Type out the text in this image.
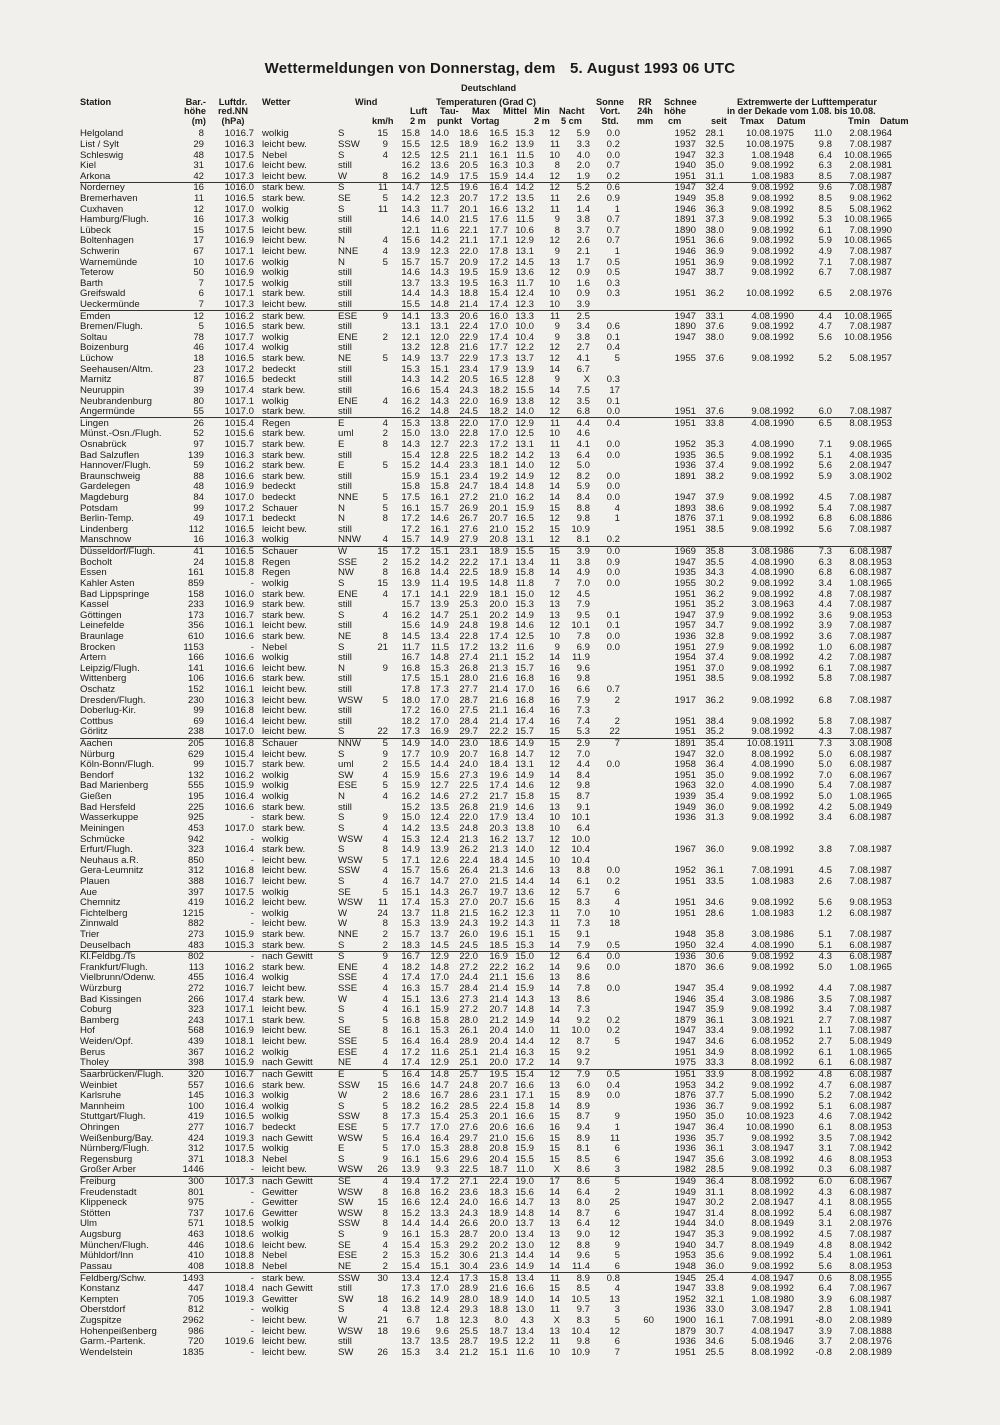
Wettermeldungen von Donnerstag, dem 5. August 1993 06 UTC
Deutschland
Station	Bar.-
höhe
(m)
Luftdr.
red.NN
(hPa)
Wetter	Wind
km/h
Temperaturen (Grad C)
Luft
2 m
Tau-
punkt
Max
Vortag
Mittel Min
2 m
Nacht
5 cm
Sonne
Vort.
Std.
RR
24h
mm
Schnee
höhe
cm
Extremwerte der Lufttemperatur
in der Dekade vom 1.08. bis 10.08.
seit Tmax Datum	Tmin Datum
Helgoland	8	1016.7	wolkig	S	15	15.8	14.0	18.6	16.5	15.3	12	5.9	0.0		1952	28.1	10.08.1975	11.0	2.08.1964
List / Sylt	29	1016.3	leicht bew.	SSW	9	15.5	12.5	18.9	16.2	13.9	11	3.3	0.2		1937	32.5	10.08.1975	9.8	7.08.1987
Schleswig	48	1017.5	Nebel	S	4	12.5	12.5	21.1	16.1	11.5	10	4.0	0.0		1947	32.3	1.08.1948	6.4	10.08.1965
Kiel	31	1017.6	leicht bew.	still		16.2	13.6	20.5	16.3	10.3	8	2.0	0.7		1940	35.0	9.08.1992	6.3	2.08.1981
Arkona	42	1017.3	leicht bew.	W	8	16.2	14.9	17.5	15.9	14.4	12	1.9	0.2		1951	31.1	1.08.1983	8.5	7.08.1987
Norderney	16	1016.0	stark bew.	S	11	14.7	12.5	19.6	16.4	14.2	12	5.2	0.6		1947	32.4	9.08.1992	9.6	7.08.1987
Bremerhaven	11	1016.5	stark bew.	SE	5	14.2	12.3	20.7	17.2	13.5	11	2.6	0.9		1949	35.8	9.08.1992	8.5	9.08.1962
Cuxhaven	12	1017.0	wolkig	S	11	14.3	11.7	20.1	16.6	13.2	11	1.4	1		1946	36.3	9.08.1992	8.5	5.08.1962
Hamburg/Flugh.	16	1017.3	wolkig	still		14.6	14.0	21.5	17.6	11.5	9	3.8	0.7		1891	37.3	9.08.1992	5.3	10.08.1965
Lübeck	15	1017.5	leicht bew.	still		12.1	11.6	22.1	17.7	10.6	8	3.7	0.7		1890	38.0	9.08.1992	6.1	7.08.1990
Boltenhagen	17	1016.9	leicht bew.	N	4	15.6	14.2	21.1	17.1	12.9	12	2.6	0.7		1951	36.6	9.08.1992	5.9	10.08.1965
Schwerin	67	1017.1	leicht bew.	NNE	4	13.9	12.3	22.0	17.8	13.1	9	2.1	1		1946	36.9	9.08.1992	4.9	7.08.1987
Warnemünde	10	1017.6	wolkig	N	5	15.7	15.7	20.9	17.2	14.5	13	1.7	0.5		1951	36.9	9.08.1992	7.1	7.08.1987
Teterow	50	1016.9	wolkig	still		14.6	14.3	19.5	15.9	13.6	12	0.9	0.5		1947	38.7	9.08.1992	6.7	7.08.1987
Barth	7	1017.5	wolkig	still		13.7	13.3	19.5	16.3	11.7	10	1.6	0.3						
Greifswald	6	1017.1	stark bew.	still		14.4	14.3	18.8	15.4	12.4	10	0.9	0.3		1951	36.2	10.08.1992	6.5	2.08.1976
Ueckermünde	7	1017.3	leicht bew.	still		15.5	14.8	21.4	17.4	12.3	10	3.9							
Emden	12	1016.2	stark bew.	ESE	9	14.1	13.3	20.6	16.0	13.3	11	2.5			1947	33.1	4.08.1990	4.4	10.08.1965
Bremen/Flugh.	5	1016.5	stark bew.	still		13.1	13.1	22.4	17.0	10.0	9	3.4	0.6		1890	37.6	9.08.1992	4.7	7.08.1987
Soltau	78	1017.7	wolkig	ENE	2	12.1	12.0	22.9	17.4	10.4	9	3.8	0.1		1947	38.0	9.08.1992	5.6	10.08.1956
Boizenburg	46	1017.4	wolkig	still		13.2	12.8	21.6	17.7	12.2	12	2.7	0.4						
Lüchow	18	1016.5	stark bew.	NE	5	14.9	13.7	22.9	17.3	13.7	12	4.1	5		1955	37.6	9.08.1992	5.2	5.08.1957
Seehausen/Altm.	23	1017.2	bedeckt	still		15.3	15.1	23.4	17.9	13.9	14	6.7							
Marnitz	87	1016.5	bedeckt	still		14.3	14.2	20.5	16.5	12.8	9	X	0.3						
Neuruppin	39	1017.4	stark bew.	still		16.6	15.4	24.3	18.2	15.5	14	7.5	17						
Neubrandenburg	80	1017.1	wolkig	ENE	4	16.2	14.3	22.0	16.9	13.8	12	3.5	0.1						
Angermünde	55	1017.0	stark bew.	still		16.2	14.8	24.5	18.2	14.0	12	6.8	0.0		1951	37.6	9.08.1992	6.0	7.08.1987
Lingen	26	1015.4	Regen	E	4	15.3	13.8	22.0	17.0	12.9	11	4.4	0.4		1951	33.8	4.08.1990	6.5	8.08.1953
Münst.-Osn./Flugh.	52	1015.6	stark bew.	uml	2	15.0	13.0	22.8	17.0	12.5	10	4.6							
Osnabrück	97	1015.7	stark bew.	E	8	14.3	12.7	22.3	17.2	13.1	11	4.1	0.0		1952	35.3	4.08.1990	7.1	9.08.1965
Bad Salzuflen	139	1016.3	stark bew.	still		15.4	12.8	22.5	18.2	14.2	13	6.4	0.0		1935	36.5	9.08.1992	5.1	4.08.1935
Hannover/Flugh.	59	1016.2	stark bew.	E	5	15.2	14.4	23.3	18.1	14.0	12	5.0			1936	37.4	9.08.1992	5.6	2.08.1947
Braunschweig	88	1016.6	stark bew.	still		15.9	15.1	23.4	19.2	14.9	12	8.2	0.0		1891	38.2	9.08.1992	5.9	3.08.1902
Gardelegen	48	1016.9	bedeckt	still		15.8	15.8	24.7	18.4	14.8	14	5.9	0.0						
Magdeburg	84	1017.0	bedeckt	NNE	5	17.5	16.1	27.2	21.0	16.2	14	8.4	0.0		1947	37.9	9.08.1992	4.5	7.08.1987
Potsdam	99	1017.2	Schauer	N	5	16.1	15.7	26.9	20.1	15.9	15	8.8	4		1893	38.6	9.08.1992	5.4	7.08.1987
Berlin-Temp.	49	1017.1	bedeckt	N	8	17.2	14.6	26.7	20.7	16.5	12	9.8	1		1876	37.1	9.08.1992	6.8	6.08.1886
Lindenberg	112	1016.5	leicht bew.	still		17.2	16.1	27.6	21.0	15.2	15	10.9			1951	38.5	9.08.1992	5.6	7.08.1987
Manschnow	16	1016.3	wolkig	NNW	4	15.7	14.9	27.9	20.8	13.1	12	8.1	0.2						
Düsseldorf/Flugh.	41	1016.5	Schauer	W	15	17.2	15.1	23.1	18.9	15.5	15	3.9	0.0		1969	35.8	3.08.1986	7.3	6.08.1987
Bocholt	24	1015.8	Regen	SSE	2	15.2	14.2	22.2	17.1	13.4	11	3.8	0.9		1947	35.5	4.08.1990	6.3	8.08.1953
Essen	161	1015.8	Regen	NW	8	16.8	14.4	22.5	18.9	15.8	14	4.9	0.0		1935	34.3	4.08.1990	6.8	6.08.1987
Kahler Asten	859	-	wolkig	S	15	13.9	11.4	19.5	14.8	11.8	7	7.0	0.0		1955	30.2	9.08.1992	3.4	1.08.1965
Bad Lippspringe	158	1016.0	stark bew.	ENE	4	17.1	14.1	22.9	18.1	15.0	12	4.5			1951	36.2	9.08.1992	4.8	7.08.1987
Kassel	233	1016.9	stark bew.	still		15.7	13.9	25.3	20.0	15.3	13	7.9			1951	35.2	3.08.1963	4.4	7.08.1987
Göttingen	173	1016.7	stark bew.	S	4	16.2	14.7	25.1	20.2	14.9	13	9.5	0.1		1947	37.9	9.08.1992	3.6	9.08.1953
Leinefelde	356	1016.1	leicht bew.	still		15.6	14.9	24.8	19.8	14.6	12	10.1	0.1		1957	34.7	9.08.1992	3.9	7.08.1987
Braunlage	610	1016.6	stark bew.	NE	8	14.5	13.4	22.8	17.4	12.5	10	7.8	0.0		1936	32.8	9.08.1992	3.6	7.08.1987
Brocken	1153	-	Nebel	S	21	11.7	11.5	17.2	13.2	11.6	9	6.9	0.0		1951	27.9	9.08.1992	1.0	6.08.1987
Artern	166	1016.6	wolkig	still		16.7	14.8	27.4	21.1	15.2	14	11.9			1954	37.4	9.08.1992	4.2	7.08.1987
Leipzig/Flugh.	141	1016.6	leicht bew.	N	9	16.8	15.3	26.8	21.3	15.7	16	9.6			1951	37.0	9.08.1992	6.1	7.08.1987
Wittenberg	106	1016.6	stark bew.	still		17.5	15.1	28.0	21.6	16.8	16	9.8			1951	38.5	9.08.1992	5.8	7.08.1987
Oschatz	152	1016.1	leicht bew.	still		17.8	17.3	27.7	21.4	17.0	16	6.6	0.7						
Dresden/Flugh.	230	1016.3	leicht bew.	WSW	5	18.0	17.0	28.7	21.6	16.8	16	7.9	2		1917	36.2	9.08.1992	6.8	7.08.1987
Doberlug-Kir.	99	1016.8	leicht bew.	still		17.2	16.0	27.5	21.1	16.4	16	7.3							
Cottbus	69	1016.4	leicht bew.	still		18.2	17.0	28.4	21.4	17.4	16	7.4	2		1951	38.4	9.08.1992	5.8	7.08.1987
Görlitz	238	1017.0	leicht bew.	S	22	17.3	16.9	29.7	22.2	15.7	15	5.3	22		1951	35.2	9.08.1992	4.3	7.08.1987
Aachen	205	1016.8	Schauer	NNW	5	14.9	14.0	23.0	18.6	14.9	15	2.9	7		1891	35.4	10.08.1911	7.3	3.08.1908
Nürburg	629	1015.4	leicht bew.	S	9	17.7	10.9	20.7	16.8	14.7	12	7.0			1947	32.0	8.08.1992	5.0	6.08.1987
Köln-Bonn/Flugh.	99	1015.7	stark bew.	uml	2	15.5	14.4	24.0	18.4	13.1	12	4.4	0.0		1958	36.4	4.08.1990	5.0	6.08.1987
Bendorf	132	1016.2	wolkig	SW	4	15.9	15.6	27.3	19.6	14.9	14	8.4			1951	35.0	9.08.1992	7.0	6.08.1967
Bad Marienberg	555	1015.9	wolkig	ESE	5	15.9	12.7	22.5	17.4	14.6	12	9.8			1963	32.0	4.08.1990	5.4	7.08.1987
Gießen	195	1016.4	wolkig	N	4	16.2	14.6	27.2	21.7	15.8	15	8.7			1939	35.4	9.08.1992	5.0	1.08.1965
Bad Hersfeld	225	1016.6	stark bew.	still		15.2	13.5	26.8	21.9	14.6	13	9.1			1949	36.0	9.08.1992	4.2	5.08.1949
Wasserkuppe	925	-	stark bew.	S	9	15.0	12.4	22.0	17.9	13.4	10	10.1			1936	31.3	9.08.1992	3.4	6.08.1987
Meiningen	453	1017.0	stark bew.	S	4	14.2	13.5	24.8	20.3	13.8	10	6.4							
Schmücke	942	-	wolkig	WSW	4	15.3	12.4	21.3	16.2	13.7	12	10.0							
Erfurt/Flugh.	323	1016.4	stark bew.	S	8	14.9	13.9	26.2	21.3	14.0	12	10.4			1967	36.0	9.08.1992	3.8	7.08.1987
Neuhaus a.R.	850	-	leicht bew.	WSW	5	17.1	12.6	22.4	18.4	14.5	10	10.4							
Gera-Leumnitz	312	1016.8	leicht bew.	SSW	4	15.7	15.6	26.4	21.3	14.6	13	8.8	0.0		1952	36.1	7.08.1991	4.5	7.08.1987
Plauen	388	1016.7	leicht bew.	S	4	16.7	14.7	27.0	21.5	14.4	14	6.1	0.2		1951	33.5	1.08.1983	2.6	7.08.1987
Aue	397	1017.5	wolkig	SE	5	15.1	14.3	26.7	19.7	13.6	12	5.7	6						
Chemnitz	419	1016.2	leicht bew.	WSW	11	17.4	15.3	27.0	20.7	15.6	15	8.3	4		1951	34.6	9.08.1992	5.6	9.08.1953
Fichtelberg	1215	-	wolkig	W	24	13.7	11.8	21.5	16.2	12.3	11	7.0	10		1951	28.6	1.08.1983	1.2	6.08.1987
Zinnwald	882	-	leicht bew.	W	8	15.3	13.9	24.3	19.2	14.3	11	7.3	18						
Trier	273	1015.9	stark bew.	NNE	2	15.7	13.7	26.0	19.6	15.1	15	9.1			1948	35.8	3.08.1986	5.1	7.08.1987
Deuselbach	483	1015.3	stark bew.	S	2	18.3	14.5	24.5	18.5	15.3	14	7.9	0.5		1950	32.4	4.08.1990	5.1	6.08.1987
Kl.Feldbg./Ts	802	-	nach Gewitt	S	9	16.7	12.9	22.0	16.9	15.0	12	6.4	0.0		1936	30.6	9.08.1992	4.3	6.08.1987
Frankfurt/Flugh.	113	1016.2	stark bew.	ENE	4	18.2	14.8	27.2	22.2	16.2	14	9.6	0.0		1870	36.6	9.08.1992	5.0	1.08.1965
Vielbrunn/Odenw.	455	1016.4	wolkig	SSE	4	17.4	17.0	24.4	21.1	15.6	13	8.6							
Würzburg	272	1016.7	leicht bew.	SSE	4	16.3	15.7	28.4	21.4	15.9	14	7.8	0.0		1947	35.4	9.08.1992	4.4	7.08.1987
Bad Kissingen	266	1017.4	stark bew.	W	4	15.1	13.6	27.3	21.4	14.3	13	8.6			1946	35.4	3.08.1986	3.5	7.08.1987
Coburg	323	1017.1	leicht bew.	S	4	16.1	15.9	27.2	20.7	14.8	14	7.3			1947	35.9	9.08.1992	3.4	7.08.1987
Bamberg	243	1017.1	stark bew.	S	5	16.8	15.8	28.0	21.2	14.9	14	9.2	0.2		1879	36.1	3.08.1921	2.7	7.08.1987
Hof	568	1016.9	leicht bew.	SE	8	16.1	15.3	26.1	20.4	14.0	11	10.0	0.2		1947	33.4	9.08.1992	1.1	7.08.1987
Weiden/Opf.	439	1018.1	leicht bew.	SSE	5	16.4	16.4	28.9	20.4	14.4	12	8.7	5		1947	34.6	6.08.1952	2.7	5.08.1949
Berus	367	1016.2	wolkig	ESE	4	17.2	11.6	25.1	21.4	16.3	15	9.2			1951	34.9	8.08.1992	6.1	1.08.1965
Tholey	398	1015.9	nach Gewitt	NE	4	17.4	12.9	25.1	20.0	17.2	14	9.7			1975	33.3	8.08.1992	6.1	6.08.1987
Saarbrücken/Flugh.	320	1016.7	nach Gewitt	E	5	16.4	14.8	25.7	19.5	15.4	12	7.9	0.5		1951	33.9	8.08.1992	4.8	6.08.1987
Weinbiet	557	1016.6	stark bew.	SSW	15	16.6	14.7	24.8	20.7	16.6	13	6.0	0.4		1953	34.2	9.08.1992	4.7	6.08.1987
Karlsruhe	145	1016.3	wolkig	W	2	18.6	16.7	28.6	23.1	17.1	15	8.9	0.0		1876	37.7	5.08.1990	5.2	7.08.1942
Mannheim	100	1016.4	wolkig	S	5	18.2	16.2	28.5	22.4	15.8	14	8.9			1936	36.7	9.08.1992	5.1	6.08.1987
Stuttgart/Flugh.	419	1016.5	wolkig	SSW	8	17.3	15.4	25.3	20.1	16.6	15	8.7	9		1950	35.0	10.08.1923	4.6	7.08.1942
Öhringen	277	1016.7	bedeckt	ESE	5	17.7	17.0	27.6	20.6	16.6	16	9.4	1		1947	36.4	10.08.1990	6.1	8.08.1953
Weißenburg/Bay.	424	1019.3	nach Gewitt	WSW	5	16.4	16.4	29.7	21.0	15.6	15	8.9	11		1936	35.7	9.08.1992	3.5	7.08.1942
Nürnberg/Flugh.	312	1017.5	wolkig	E	5	17.0	15.3	28.8	20.8	15.9	15	8.1	6		1936	36.1	3.08.1947	3.1	7.08.1942
Regensburg	371	1018.3	Nebel	S	9	16.1	15.6	29.6	20.4	15.5	15	8.5	6		1947	35.6	3.08.1992	4.6	8.08.1953
Großer Arber	1446	-	leicht bew.	WSW	26	13.9	9.3	22.5	18.7	11.0	X	8.6	3		1982	28.5	9.08.1992	0.3	6.08.1987
Freiburg	300	1017.3	nach Gewitt	SE	4	19.4	17.2	27.1	22.4	19.0	17	8.6	5		1949	36.4	8.08.1992	6.0	6.08.1967
Freudenstadt	801	-	Gewitter	WSW	8	16.8	16.2	23.6	18.3	15.6	14	6.4	2		1949	31.1	8.08.1992	4.3	6.08.1987
Klippeneck	975	-	Gewitter	SW	15	16.6	12.4	24.0	16.6	14.7	13	8.0	25		1947	30.2	2.08.1947	4.1	8.08.1955
Stötten	737	1017.6	Gewitter	WSW	8	15.2	13.3	24.3	18.9	14.8	14	8.7	6		1947	31.4	8.08.1992	5.4	6.08.1987
Ulm	571	1018.5	wolkig	SSW	8	14.4	14.4	26.6	20.0	13.7	13	6.4	12		1944	34.0	8.08.1949	3.1	2.08.1976
Augsburg	463	1018.6	wolkig	S	9	16.1	15.3	28.7	20.0	13.4	13	9.0	12		1947	35.3	9.08.1992	4.5	7.08.1987
München/Flugh.	446	1018.6	leicht bew.	SE	4	15.4	15.3	29.2	20.2	13.0	12	8.8	9		1940	34.7	8.08.1949	4.8	8.08.1942
Mühldorf/Inn	410	1018.8	Nebel	ESE	2	15.3	15.2	30.6	21.3	14.4	14	9.6	5		1953	35.6	9.08.1992	5.4	1.08.1961
Passau	408	1018.8	Nebel	NE	2	15.4	15.1	30.4	23.6	14.9	14	11.4	6		1948	36.0	9.08.1992	5.6	8.08.1953
Feldberg/Schw.	1493	-	stark bew.	SSW	30	13.4	12.4	17.3	15.8	13.4	11	8.9	0.8		1945	25.4	4.08.1947	0.6	8.08.1955
Konstanz	447	1018.4	nach Gewitt	still		17.3	17.0	28.9	21.6	16.6	15	8.5	4		1947	33.8	9.08.1992	6.4	7.08.1967
Kempten	705	1019.3	Gewitter	SW	18	16.2	14.9	28.0	18.9	14.0	14	10.5	13		1952	32.1	1.08.1980	3.9	6.08.1987
Oberstdorf	812	-	wolkig	S	4	13.8	12.4	29.3	18.8	13.0	11	9.7	3		1936	33.0	3.08.1947	2.8	1.08.1941
Zugspitze	2962	-	leicht bew.	W	21	6.7	1.8	12.3	8.0	4.3	X	8.3	5	60	1900	16.1	7.08.1991	-8.0	2.08.1989
Hohenpeißenberg	986	-	leicht bew.	WSW	18	19.6	9.6	25.5	18.7	13.4	13	10.4	12		1879	30.7	4.08.1947	3.9	7.08.1888
Garm.-Partenk.	720	1019.6	leicht bew.	still		13.7	13.5	28.7	19.5	12.2	11	9.8	6		1936	34.6	5.08.1946	3.7	2.08.1976
Wendelstein	1835	-	leicht bew.	SW	26	15.3	3.4	21.2	15.1	11.6	10	10.9	7		1951	25.5	8.08.1992	-0.8	2.08.1989
